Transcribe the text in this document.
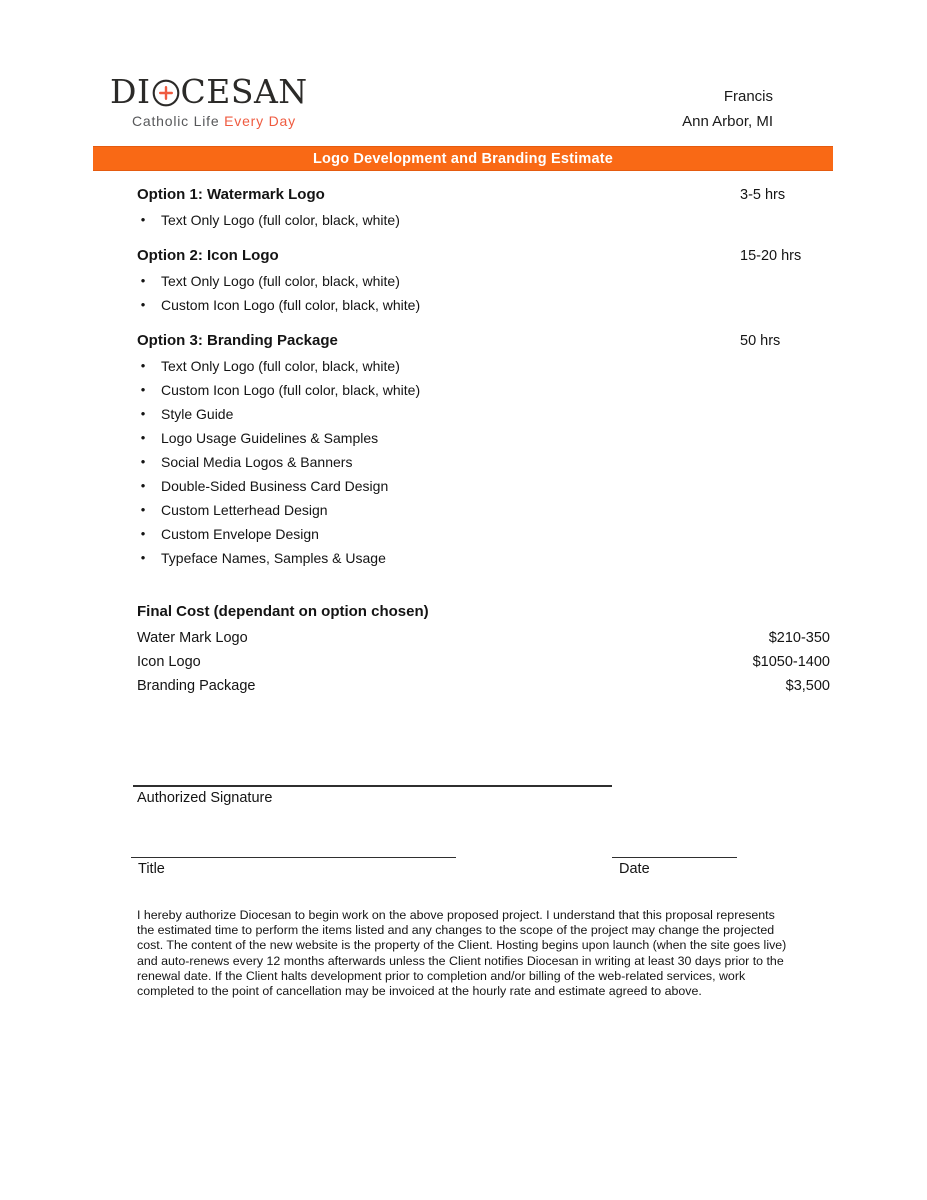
DI CESAN
Catholic Life Every Day
Francis
Ann Arbor, MI
Logo Development and Branding Estimate
Option 1: Watermark Logo	3-5 hrs
• Text Only Logo (full color, black, white)
Option 2: Icon Logo	15-20 hrs
• Text Only Logo (full color, black, white)
• Custom Icon Logo (full color, black, white)
Option 3: Branding Package	50 hrs
• Text Only Logo (full color, black, white)
• Custom Icon Logo (full color, black, white)
• Style Guide
• Logo Usage Guidelines & Samples
• Social Media Logos & Banners
• Double-Sided Business Card Design
• Custom Letterhead Design
• Custom Envelope Design
• Typeface Names, Samples & Usage
Final Cost (dependant on option chosen)
Water Mark Logo	$210-350
Icon Logo	$1050-1400
Branding Package	$3,500
Authorized Signature
Title	Date
I hereby authorize Diocesan to begin work on the above proposed project. I understand that this proposal represents the estimated time to perform the items listed and any changes to the scope of the project may change the projected cost. The content of the new website is the property of the Client. Hosting begins upon launch (when the site goes live) and auto-renews every 12 months afterwards unless the Client notifies Diocesan in writing at least 30 days prior to the renewal date. If the Client halts development prior to completion and/or billing of the web-related services, work completed to the point of cancellation may be invoiced at the hourly rate and estimate agreed to above.
